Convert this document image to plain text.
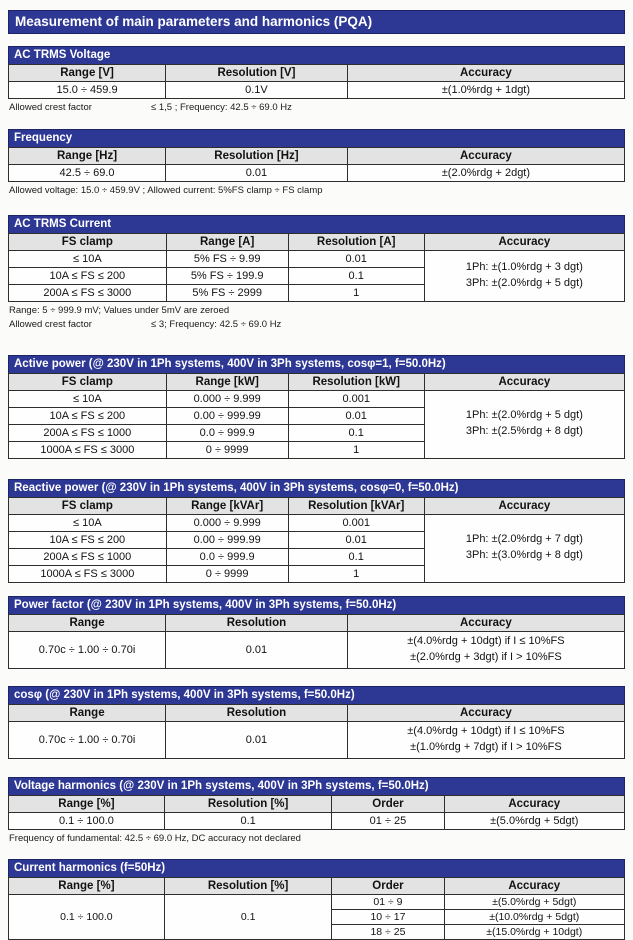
Measurement of main parameters and harmonics (PQA)
AC TRMS Voltage
Range [V]	Resolution [V]	Accuracy
15.0 ÷ 459.9	0.1V	±(1.0%rdg + 1dgt)
Allowed crest factor	≤ 1,5 ; Frequency: 42.5 ÷ 69.0 Hz
Frequency
Range [Hz]	Resolution [Hz]	Accuracy
42.5 ÷ 69.0	0.01	±(2.0%rdg + 2dgt)
Allowed voltage: 15.0 ÷ 459.9V ; Allowed current: 5%FS clamp ÷ FS clamp
AC TRMS Current
FS clamp	Range [A]	Resolution [A]	Accuracy
≤ 10A	5% FS ÷ 9.99	0.01	1Ph: ±(1.0%rdg + 3 dgt)
3Ph: ±(2.0%rdg + 5 dgt)

10A ≤ FS ≤ 200	5% FS ÷ 199.9	0.1	
200A ≤ FS ≤ 3000	5% FS ÷ 2999	1	
Range: 5 ÷ 999.9 mV; Values under 5mV are zeroed
Allowed crest factor	≤ 3; Frequency: 42.5 ÷ 69.0 Hz
Active power (@ 230V in 1Ph systems, 400V in 3Ph systems, cosφ=1, f=50.0Hz)
FS clamp	Range [kW]	Resolution [kW]	Accuracy
≤ 10A	0.000 ÷ 9.999	0.001	1Ph: ±(2.0%rdg + 5 dgt)
3Ph: ±(2.5%rdg + 8 dgt)

10A ≤ FS ≤ 200	0.00 ÷ 999.99	0.01	
200A ≤ FS ≤ 1000	0.0 ÷ 999.9	0.1	
1000A ≤ FS ≤ 3000	0 ÷ 9999	1	
Reactive power (@ 230V in 1Ph systems, 400V in 3Ph systems, cosφ=0, f=50.0Hz)
FS clamp	Range [kVAr]	Resolution [kVAr]	Accuracy
≤ 10A	0.000 ÷ 9.999	0.001	1Ph: ±(2.0%rdg + 7 dgt)
3Ph: ±(3.0%rdg + 8 dgt)

10A ≤ FS ≤ 200	0.00 ÷ 999.99	0.01	
200A ≤ FS ≤ 1000	0.0 ÷ 999.9	0.1	
1000A ≤ FS ≤ 3000	0 ÷ 9999	1	
Power factor (@ 230V in 1Ph systems, 400V in 3Ph systems, f=50.0Hz)
Range	Resolution	Accuracy
0.70c ÷ 1.00 ÷ 0.70i	0.01	±(4.0%rdg + 10dgt) if I ≤ 10%FS
±(2.0%rdg + 3dgt) if I > 10%FS
cosφ (@ 230V in 1Ph systems, 400V in 3Ph systems, f=50.0Hz)
Range	Resolution	Accuracy
0.70c ÷ 1.00 ÷ 0.70i	0.01	±(4.0%rdg + 10dgt) if I ≤ 10%FS
±(1.0%rdg + 7dgt) if I > 10%FS
Voltage harmonics (@ 230V in 1Ph systems, 400V in 3Ph systems, f=50.0Hz)
Range [%]	Resolution [%]	Order	Accuracy
0.1 ÷ 100.0	0.1	01 ÷ 25	±(5.0%rdg + 5dgt)
Frequency of fundamental: 42.5 ÷ 69.0 Hz, DC accuracy not declared
Current harmonics (f=50Hz)
Range [%]	Resolution [%]	Order	Accuracy
0.1 ÷ 100.0	0.1	01 ÷ 9	±(5.0%rdg + 5dgt)
		10 ÷ 17	±(10.0%rdg + 5dgt)
		18 ÷ 25	±(15.0%rdg + 10dgt)
